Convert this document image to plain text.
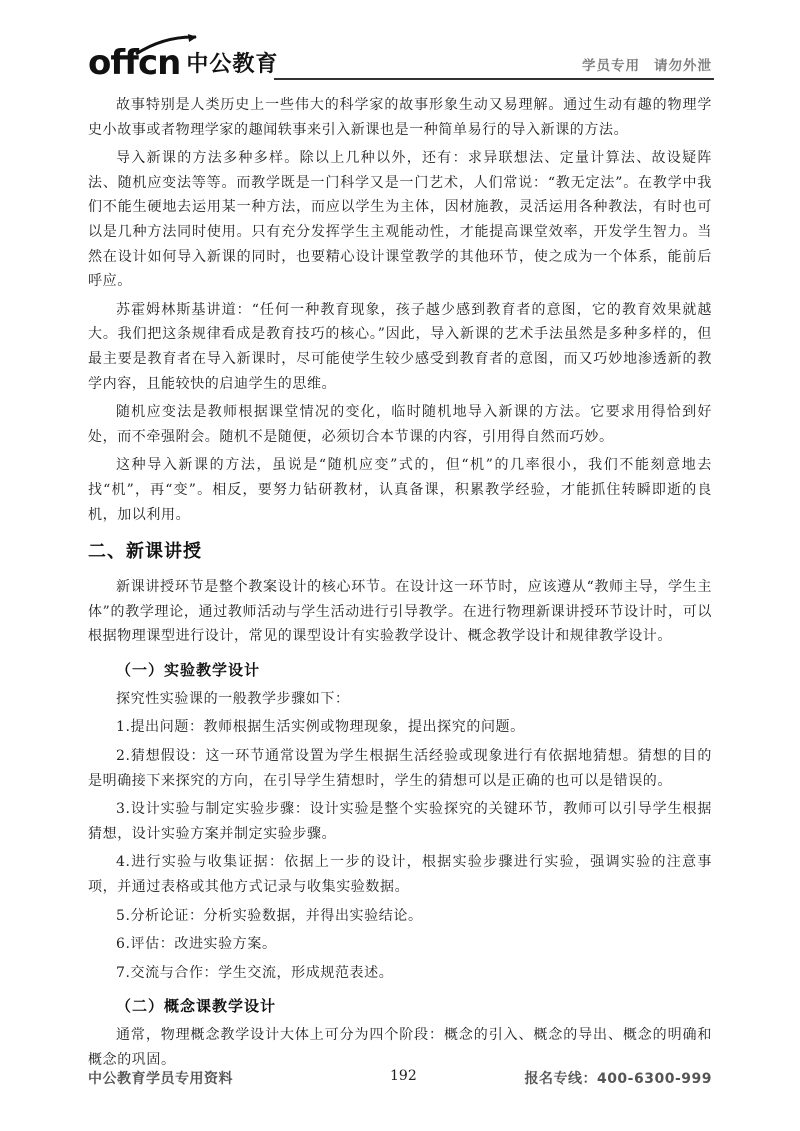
offcn 中公教育	学员专用 请勿外泄

故事特别是人类历史上一些伟大的科学家的故事形象生动又易理解。通过生动有趣的物理学史小故事或者物理学家的趣闻轶事来引入新课也是一种简单易行的导入新课的方法。

导入新课的方法多种多样。除以上几种以外，还有：求异联想法、定量计算法、故设疑阵法、随机应变法等等。而教学既是一门科学又是一门艺术，人们常说：“教无定法”。在教学中我们不能生硬地去运用某一种方法，而应以学生为主体，因材施教，灵活运用各种教法，有时也可以是几种方法同时使用。只有充分发挥学生主观能动性，才能提高课堂效率，开发学生智力。当然在设计如何导入新课的同时，也要精心设计课堂教学的其他环节，使之成为一个体系，能前后呼应。

苏霍姆林斯基讲道：“任何一种教育现象，孩子越少感到教育者的意图，它的教育效果就越大。我们把这条规律看成是教育技巧的核心。”因此，导入新课的艺术手法虽然是多种多样的，但最主要是教育者在导入新课时，尽可能使学生较少感受到教育者的意图，而又巧妙地渗透新的教学内容，且能较快的启迪学生的思维。

随机应变法是教师根据课堂情况的变化，临时随机地导入新课的方法。它要求用得恰到好处，而不牵强附会。随机不是随便，必须切合本节课的内容，引用得自然而巧妙。

这种导入新课的方法，虽说是“随机应变”式的，但“机”的几率很小，我们不能刻意地去找“机”，再“变”。相反，要努力钻研教材，认真备课，积累教学经验，才能抓住转瞬即逝的良机，加以利用。

二、新课讲授

新课讲授环节是整个教案设计的核心环节。在设计这一环节时，应该遵从“教师主导，学生主体”的教学理论，通过教师活动与学生活动进行引导教学。在进行物理新课讲授环节设计时，可以根据物理课型进行设计，常见的课型设计有实验教学设计、概念教学设计和规律教学设计。

（一）实验教学设计

探究性实验课的一般教学步骤如下：

1.提出问题：教师根据生活实例或物理现象，提出探究的问题。

2.猜想假设：这一环节通常设置为学生根据生活经验或现象进行有依据地猜想。猜想的目的是明确接下来探究的方向，在引导学生猜想时，学生的猜想可以是正确的也可以是错误的。

3.设计实验与制定实验步骤：设计实验是整个实验探究的关键环节，教师可以引导学生根据猜想，设计实验方案并制定实验步骤。

4.进行实验与收集证据：依据上一步的设计，根据实验步骤进行实验，强调实验的注意事项，并通过表格或其他方式记录与收集实验数据。

5.分析论证：分析实验数据，并得出实验结论。

6.评估：改进实验方案。

7.交流与合作：学生交流，形成规范表述。

（二）概念课教学设计

通常，物理概念教学设计大体上可分为四个阶段：概念的引入、概念的导出、概念的明确和概念的巩固。

中公教育学员专用资料	192	报名专线：400-6300-999
